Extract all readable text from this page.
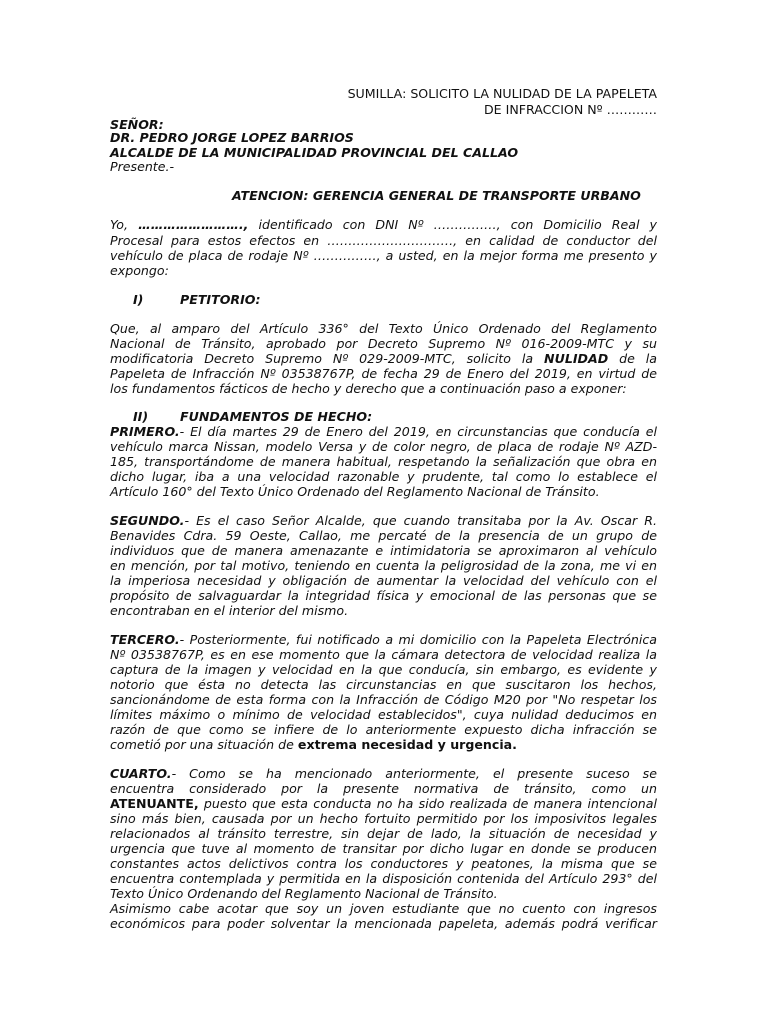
SUMILLA: SOLICITO LA NULIDAD DE LA PAPELETA
DE INFRACCION Nº …………
SEÑOR:
DR. PEDRO JORGE LOPEZ BARRIOS
ALCALDE DE LA MUNICIPALIDAD PROVINCIAL DEL CALLAO
Presente.-
ATENCION: GERENCIA GENERAL DE TRANSPORTE URBANO
Yo, ……………………., identificado con DNI Nº ……………, con Domicilio Real y
Procesal para estos efectos en …………………………, en calidad de conductor del
vehículo de placa de rodaje Nº ……………, a usted, en la mejor forma me presento y
expongo:
I)	PETITORIO:
Que, al amparo del Artículo 336° del Texto Único Ordenado del Reglamento
Nacional de Tránsito, aprobado por Decreto Supremo Nº 016-2009-MTC y su
modificatoria Decreto Supremo Nº 029-2009-MTC, solicito la NULIDAD de la
Papeleta de Infracción Nº 03538767P, de fecha 29 de Enero del 2019, en virtud de
los fundamentos fácticos de hecho y derecho que a continuación paso a exponer:
II)	FUNDAMENTOS DE HECHO:
PRIMERO.- El día martes 29 de Enero del 2019, en circunstancias que conducía el
vehículo marca Nissan, modelo Versa y de color negro, de placa de rodaje Nº AZD-
185, transportándome de manera habitual, respetando la señalización que obra en
dicho lugar, iba a una velocidad razonable y prudente, tal como lo establece el
Artículo 160° del Texto Único Ordenado del Reglamento Nacional de Tránsito.
SEGUNDO.- Es el caso Señor Alcalde, que cuando transitaba por la Av. Oscar R.
Benavides Cdra. 59 Oeste, Callao, me percaté de la presencia de un grupo de
individuos que de manera amenazante e intimidatoria se aproximaron al vehículo
en mención, por tal motivo, teniendo en cuenta la peligrosidad de la zona, me vi en
la imperiosa necesidad y obligación de aumentar la velocidad del vehículo con el
propósito de salvaguardar la integridad física y emocional de las personas que se
encontraban en el interior del mismo.
TERCERO.- Posteriormente, fui notificado a mi domicilio con la Papeleta Electrónica
Nº 03538767P, es en ese momento que la cámara detectora de velocidad realiza la
captura de la imagen y velocidad en la que conducía, sin embargo, es evidente y
notorio que ésta no detecta las circunstancias en que suscitaron los hechos,
sancionándome de esta forma con la Infracción de Código M20 por "No respetar los
límites máximo o mínimo de velocidad establecidos", cuya nulidad deducimos en
razón de que como se infiere de lo anteriormente expuesto dicha infracción se
cometió por una situación de extrema necesidad y urgencia.
CUARTO.- Como se ha mencionado anteriormente, el presente suceso se
encuentra considerado por la presente normativa de tránsito, como un
ATENUANTE, puesto que esta conducta no ha sido realizada de manera intencional
sino más bien, causada por un hecho fortuito permitido por los imposivitos legales
relacionados al tránsito terrestre, sin dejar de lado, la situación de necesidad y
urgencia que tuve al momento de transitar por dicho lugar en donde se producen
constantes actos delictivos contra los conductores y peatones, la misma que se
encuentra contemplada y permitida en la disposición contenida del Artículo 293° del
Texto Único Ordenando del Reglamento Nacional de Tránsito.
Asimismo cabe acotar que soy un joven estudiante que no cuento con ingresos
económicos para poder solventar la mencionada papeleta, además podrá verificar
